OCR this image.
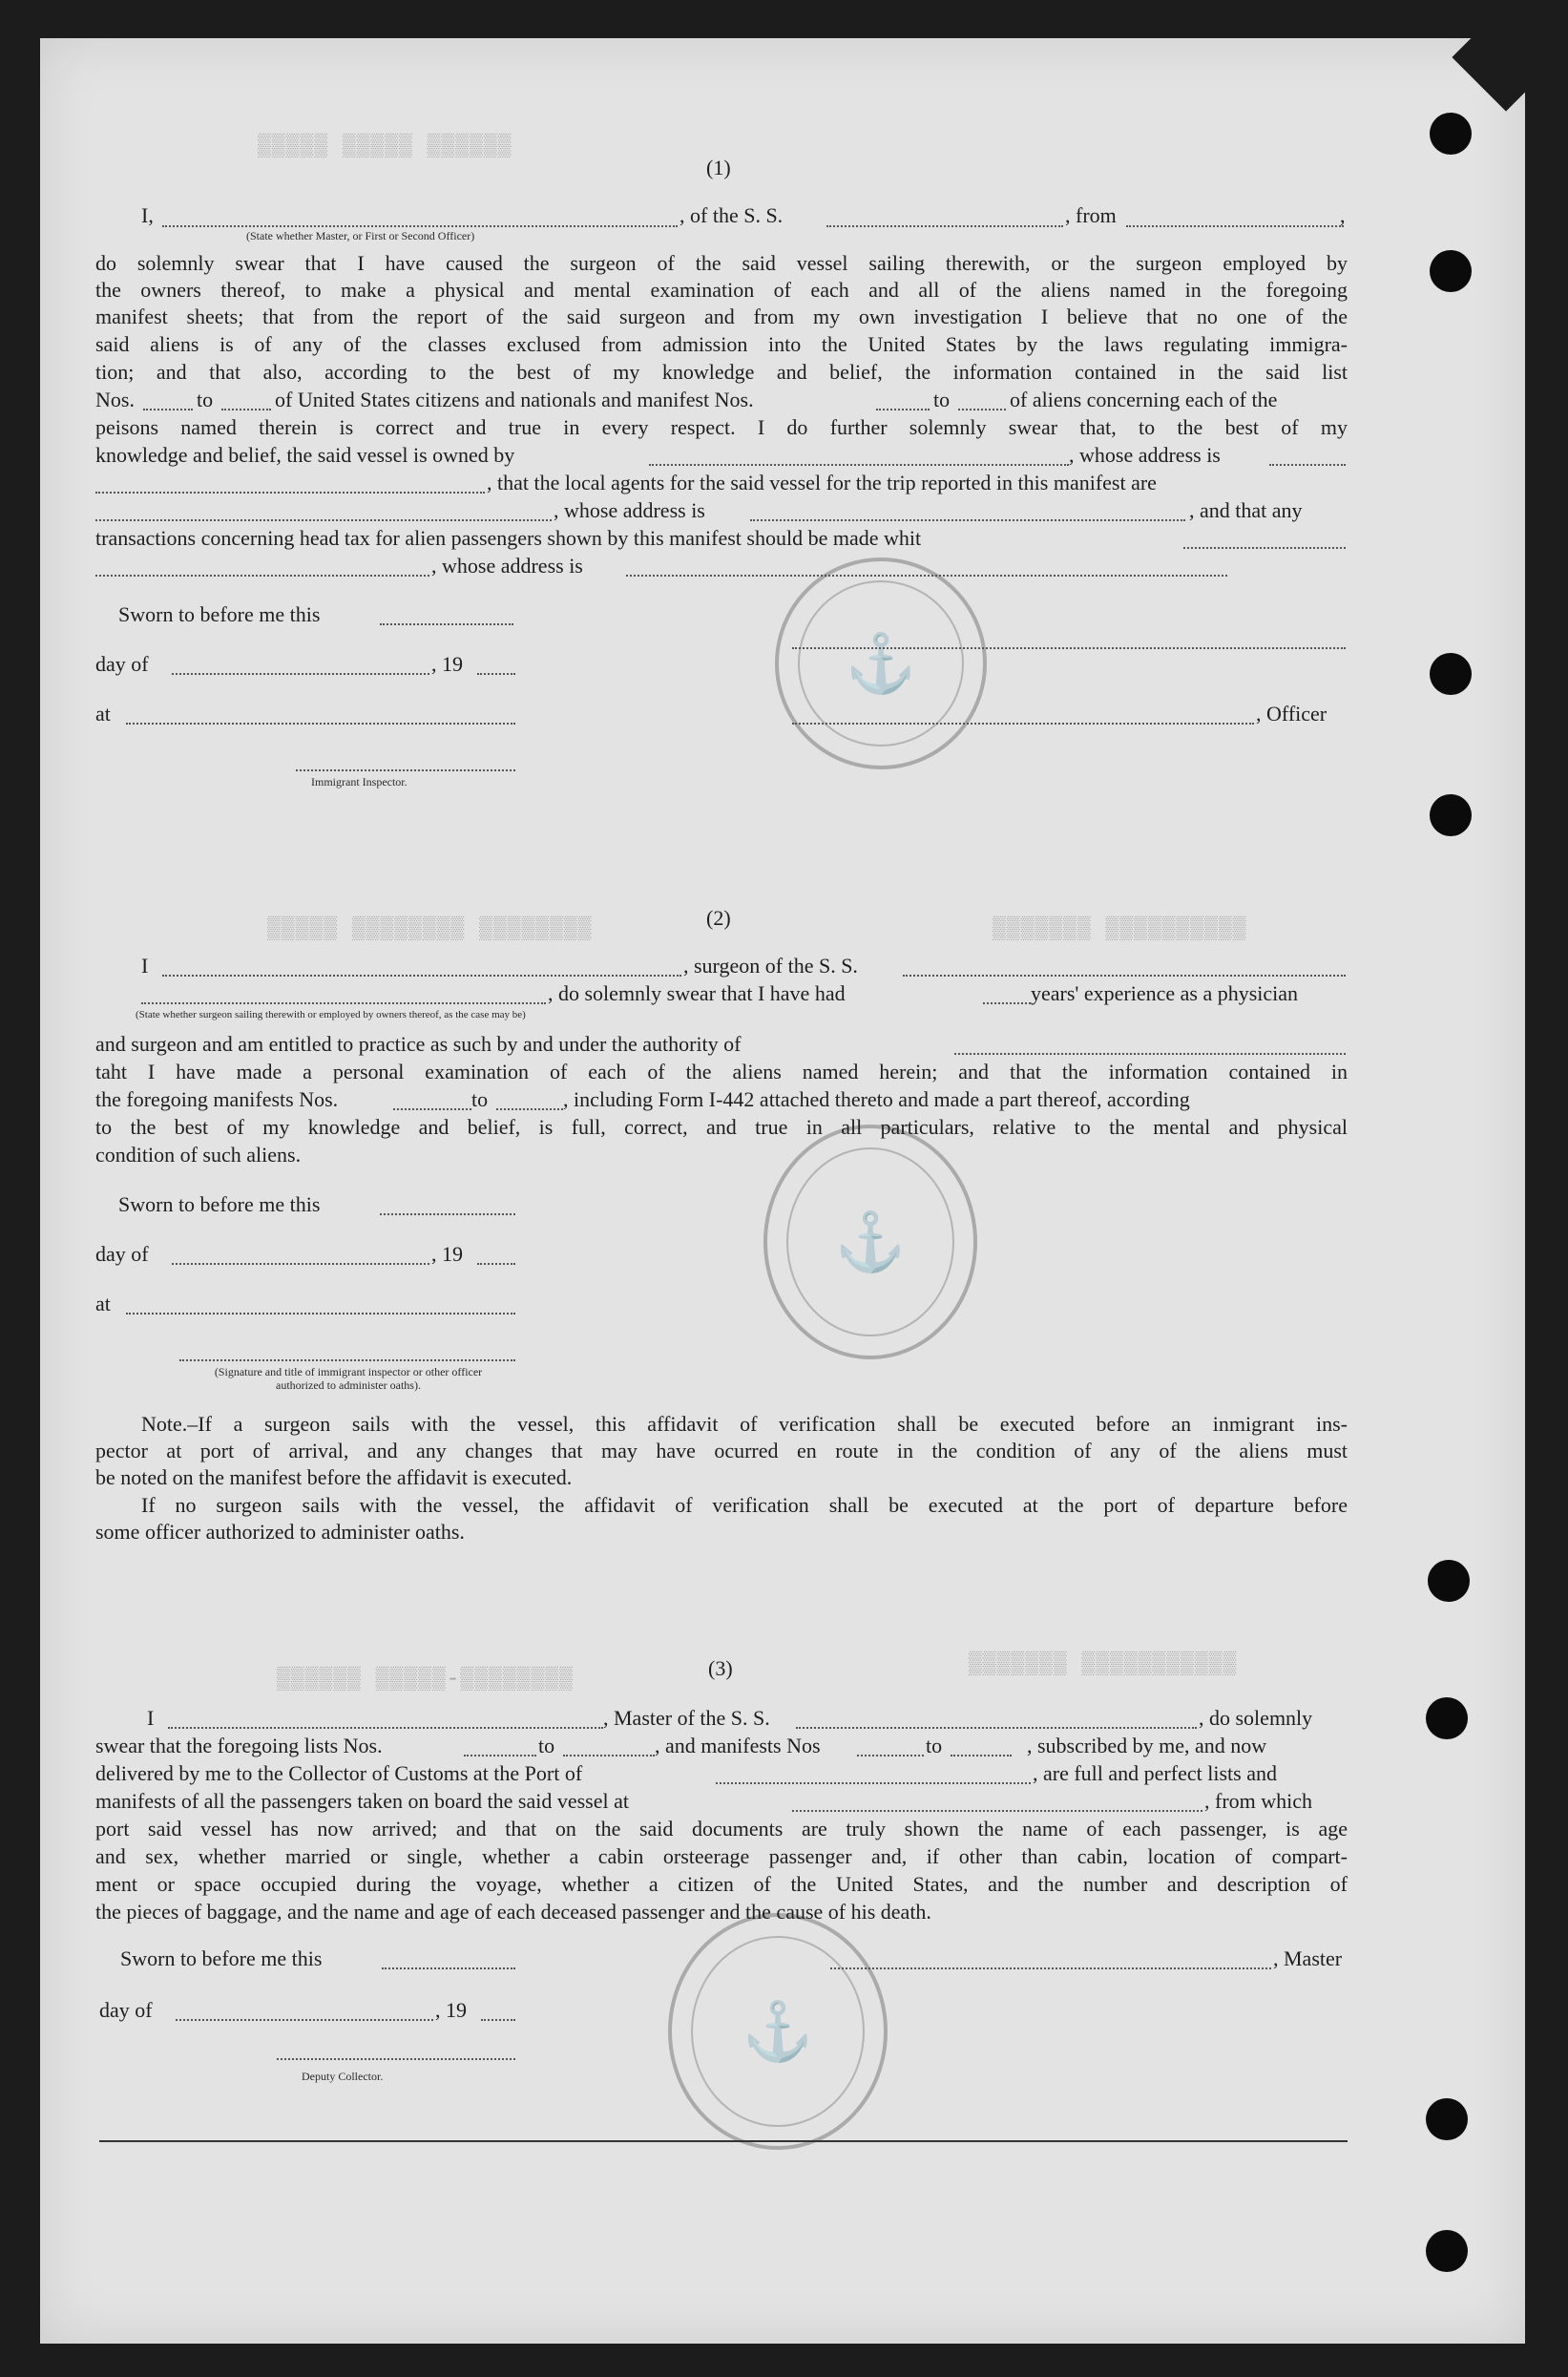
▒▒▒▒▒ ▒▒▒▒▒ ▒▒▒▒▒▒
▒▒▒▒▒ ▒▒▒▒▒▒▒▒ ▒▒▒▒▒▒▒▒	▒▒▒▒▒▒▒ ▒▒▒▒▒▒▒▒▒▒
▒▒▒▒▒▒ ▒▒▒▒▒-▒▒▒▒▒▒▒▒
▒▒▒▒▒▒▒ ▒▒▒▒▒▒▒▒▒▒▒
⚓
⚓
⚓

(1)

I,	, of the S. S.	, from	,

(State whether Master, or First or Second Officer)

do solemnly swear that I have caused the surgeon of the said vessel sailing therewith, or the surgeon employed by

the owners thereof, to make a physical and mental examination of each and all of the aliens named in the foregoing

manifest sheets; that from the report of the said surgeon and from my own investigation I believe that no one of the

said aliens is of any of the classes exclused from admission into the United States by the laws regulating immigra-

tion; and that also, according to the best of my knowledge and belief, the information contained in the said list

Nos.	to	of United States citizens and nationals and manifest Nos.	to	of aliens concerning each of the

peisons named therein is correct and true in every respect. I do further solemnly swear that, to the best of my

knowledge and belief, the said vessel is owned by	, whose address is

, that the local agents for the said vessel for the trip reported in this manifest are

, whose address is	, and that any

transactions concerning head tax for alien passengers shown by this manifest should be made whit

, whose address is

Sworn to before me this

day of	, 19

at	, Officer

Immigrant Inspector.

(2)

I	, surgeon of the S. S.

, do solemnly swear that I have had	years' experience as a physician

(State whether surgeon sailing therewith or employed by owners thereof, as the case may be)

and surgeon and am entitled to practice as such by and under the authority of

taht I have made a personal examination of each of the aliens named herein; and that the information contained in

the foregoing manifests Nos.	to	, including Form I-442 attached thereto and made a part thereof, according

to the best of my knowledge and belief, is full, correct, and true in all particulars, relative to the mental and physical

condition of such aliens.

Sworn to before me this

day of	, 19

at

(Signature and title of immigrant inspector or other officer authorized to administer oaths).

Note.–If a surgeon sails with the vessel, this affidavit of verification shall be executed before an inmigrant ins-

pector at port of arrival, and any changes that may have ocurred en route in the condition of any of the aliens must

be noted on the manifest before the affidavit is executed.

If no surgeon sails with the vessel, the affidavit of verification shall be executed at the port of departure before

some officer authorized to administer oaths.

(3)

I	, Master of the S. S.	, do solemnly

swear that the foregoing lists Nos.	to	, and manifests Nos	to	, subscribed by me, and now

delivered by me to the Collector of Customs at the Port of	, are full and perfect lists and

manifests of all the passengers taken on board the said vessel at	, from which

port said vessel has now arrived; and that on the said documents are truly shown the name of each passenger, is age

and sex, whether married or single, whether a cabin orsteerage passenger and, if other than cabin, location of compart-

ment or space occupied during the voyage, whether a citizen of the United States, and the number and description of

the pieces of baggage, and the name and age of each deceased passenger and the cause of his death.

Sworn to before me this	, Master

day of	, 19

Deputy Collector.
